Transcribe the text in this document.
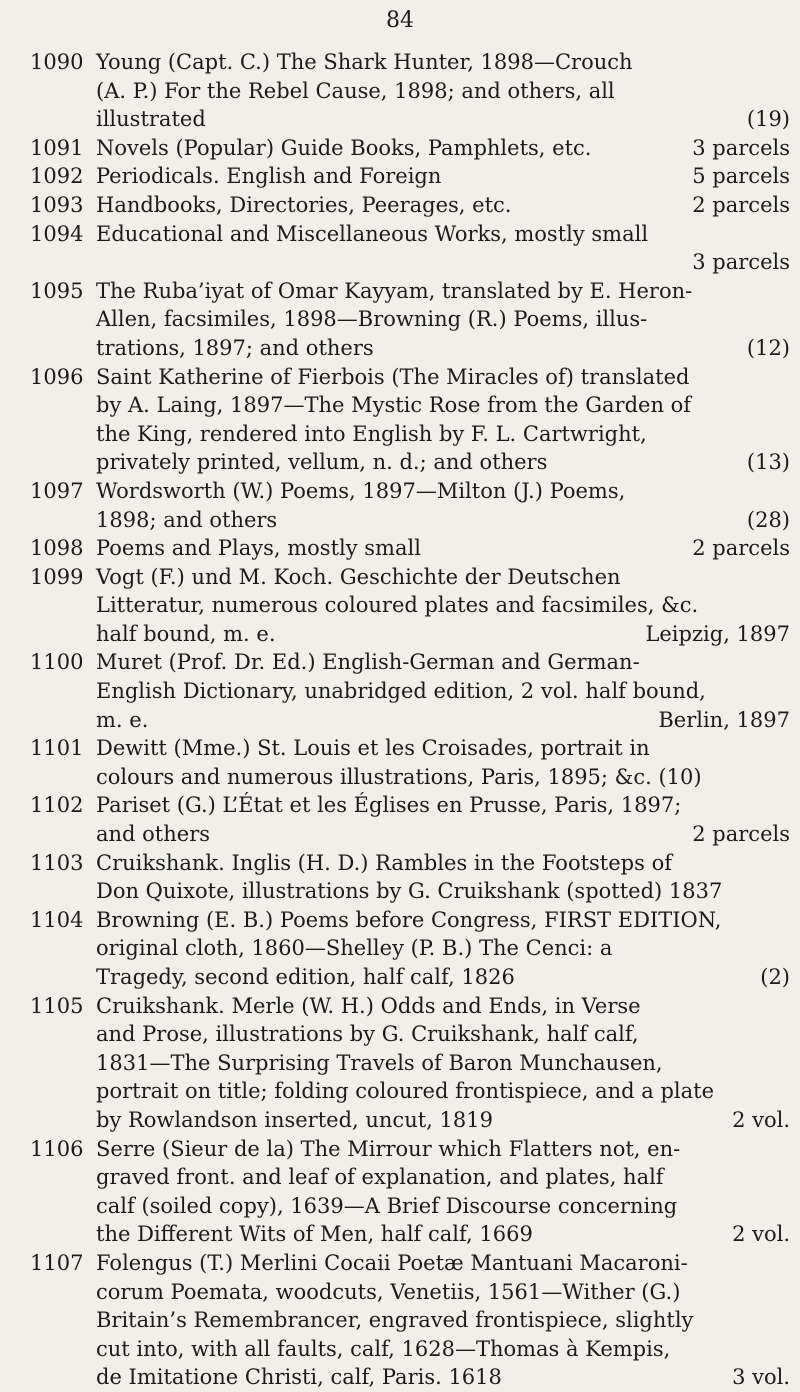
84
1090 Young (Capt. C.) The Shark Hunter, 1898—Crouch
(A. P.) For the Rebel Cause, 1898; and others, all
illustrated	(19)
1091 Novels (Popular) Guide Books, Pamphlets, etc.	3 parcels
1092 Periodicals. English and Foreign	5 parcels
1093 Handbooks, Directories, Peerages, etc.	2 parcels
1094 Educational and Miscellaneous Works, mostly small
3 parcels
1095 The Ruba’iyat of Omar Kayyam, translated by E. Heron-
Allen, facsimiles, 1898—Browning (R.) Poems, illus-
trations, 1897; and others	(12)
1096 Saint Katherine of Fierbois (The Miracles of) translated
by A. Laing, 1897—The Mystic Rose from the Garden of
the King, rendered into English by F. L. Cartwright,
privately printed, vellum, n. d.; and others	(13)
1097 Wordsworth (W.) Poems, 1897—Milton (J.) Poems,
1898; and others	(28)
1098 Poems and Plays, mostly small	2 parcels
1099 Vogt (F.) und M. Koch. Geschichte der Deutschen
Litteratur, numerous coloured plates and facsimiles, &c.
half bound, m. e.	Leipzig, 1897
1100 Muret (Prof. Dr. Ed.) English-German and German-
English Dictionary, unabridged edition, 2 vol. half bound,
m. e.	Berlin, 1897
1101 Dewitt (Mme.) St. Louis et les Croisades, portrait in
colours and numerous illustrations, Paris, 1895; &c. (10)
1102 Pariset (G.) L’État et les Églises en Prusse, Paris, 1897;
and others	2 parcels
1103 Cruikshank. Inglis (H. D.) Rambles in the Footsteps of
Don Quixote, illustrations by G. Cruikshank (spotted) 1837
1104 Browning (E. B.) Poems before Congress, FIRST EDITION,
original cloth, 1860—Shelley (P. B.) The Cenci: a
Tragedy, second edition, half calf, 1826	(2)
1105 Cruikshank. Merle (W. H.) Odds and Ends, in Verse
and Prose, illustrations by G. Cruikshank, half calf,
1831—The Surprising Travels of Baron Munchausen,
portrait on title; folding coloured frontispiece, and a plate
by Rowlandson inserted, uncut, 1819	2 vol.
1106 Serre (Sieur de la) The Mirrour which Flatters not, en-
graved front. and leaf of explanation, and plates, half
calf (soiled copy), 1639—A Brief Discourse concerning
the Different Wits of Men, half calf, 1669	2 vol.
1107 Folengus (T.) Merlini Cocaii Poetæ Mantuani Macaroni-
corum Poemata, woodcuts, Venetiis, 1561—Wither (G.)
Britain’s Remembrancer, engraved frontispiece, slightly
cut into, with all faults, calf, 1628—Thomas à Kempis,
de Imitatione Christi, calf, Paris. 1618	3 vol.
